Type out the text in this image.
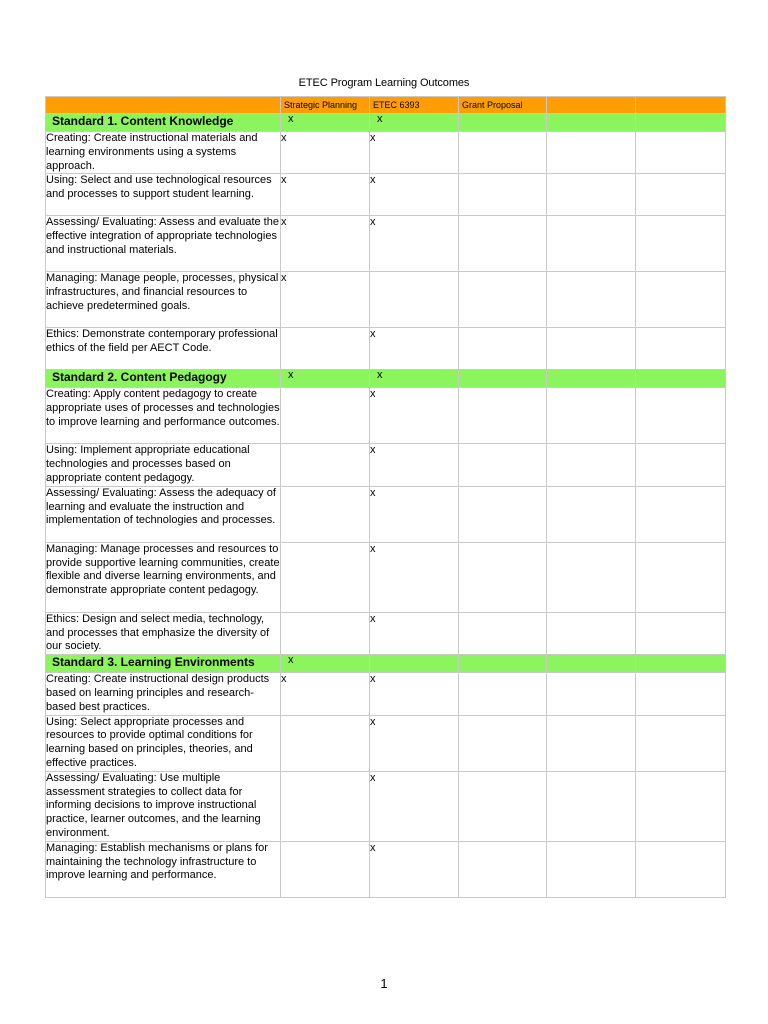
ETEC Program Learning Outcomes
	Strategic Planning	ETEC 6393	Grant Proposal		
Standard 1. Content Knowledge	x	x			
Creating: Create instructional materials and learning environments using a systems approach.	x	x			
Using: Select and use technological resources and processes to support student learning.	x	x			
Assessing/ Evaluating: Assess and evaluate the effective integration of appropriate technologies and instructional materials.	x	x			
Managing: Manage people, processes, physical infrastructures, and financial resources to achieve predetermined goals.	x				
Ethics: Demonstrate contemporary professional ethics of the field per AECT Code.		x			
Standard 2. Content Pedagogy	x	x			
Creating: Apply content pedagogy to create appropriate uses of processes and technologies to improve learning and performance outcomes.		x			
Using: Implement appropriate educational technologies and processes based on appropriate content pedagogy.		x			
Assessing/ Evaluating: Assess the adequacy of learning and evaluate the instruction and implementation of technologies and processes.		x			
Managing: Manage processes and resources to provide supportive learning communities, create flexible and diverse learning environments, and demonstrate appropriate content pedagogy.		x			
Ethics: Design and select media, technology, and processes that emphasize the diversity of our society.		x			
Standard 3. Learning Environments	x				
Creating: Create instructional design products based on learning principles and research-based best practices.	x	x			
Using: Select appropriate processes and resources to provide optimal conditions for learning based on principles, theories, and effective practices.		x			
Assessing/ Evaluating: Use multiple assessment strategies to collect data for informing decisions to improve instructional practice, learner outcomes, and the learning environment.		x			
Managing: Establish mechanisms or plans for maintaining the technology infrastructure to improve learning and performance.		x			
1
